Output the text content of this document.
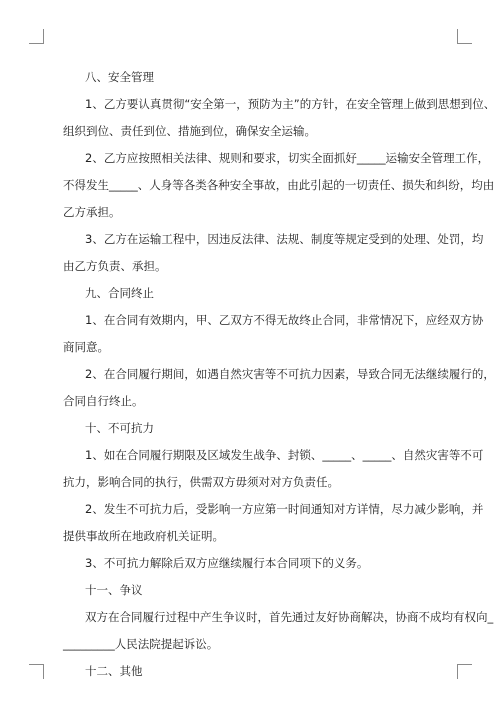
八、安全管理

1、乙方要认真贯彻“安全第一，预防为主”的方针，在安全管理上做到思想到位、

组织到位、责任到位、措施到位，确保安全运输。

2、乙方应按照相关法律、规则和要求，切实全面抓好_____运输安全管理工作，

不得发生_____、人身等各类各种安全事故，由此引起的一切责任、损失和纠纷，均由

乙方承担。

3、乙方在运输工程中，因违反法律、法规、制度等规定受到的处理、处罚，均

由乙方负责、承担。

九、合同终止

1、在合同有效期内，甲、乙双方不得无故终止合同，非常情况下，应经双方协

商同意。

2、在合同履行期间，如遇自然灾害等不可抗力因素，导致合同无法继续履行的，

合同自行终止。

十、不可抗力

1、如在合同履行期限及区域发生战争、封锁、_____、_____、自然灾害等不可

抗力，影响合同的执行，供需双方毋须对对方负责任。

2、发生不可抗力后，受影响一方应第一时间通知对方详情，尽力减少影响，并

提供事故所在地政府机关证明。

3、不可抗力解除后双方应继续履行本合同项下的义务。

十一、争议

双方在合同履行过程中产生争议时，首先通过友好协商解决，协商不成均有权向_

_________人民法院提起诉讼。

十二、其他
